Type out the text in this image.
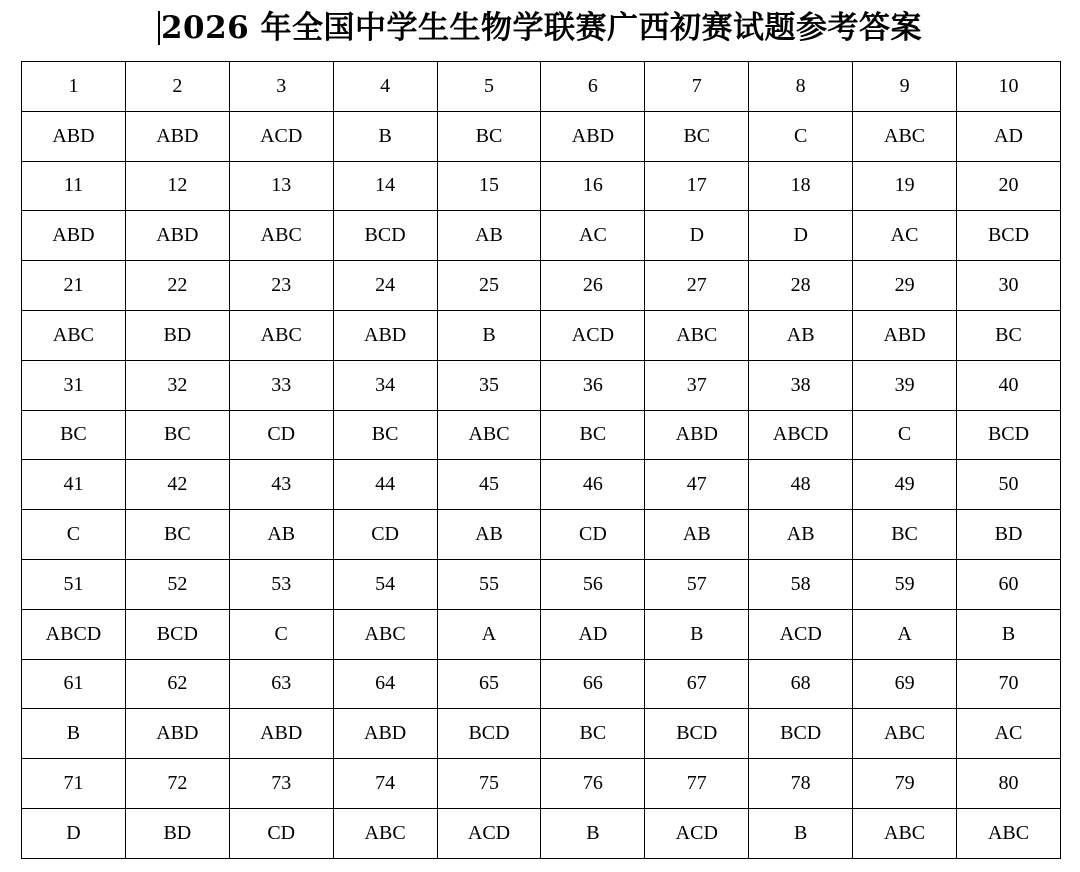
2026 年全国中学生生物学联赛广西初赛试题参考答案
1	2	3	4	5	6	7	8	9	10
ABD	ABD	ACD	B	BC	ABD	BC	C	ABC	AD
11	12	13	14	15	16	17	18	19	20
ABD	ABD	ABC	BCD	AB	AC	D	D	AC	BCD
21	22	23	24	25	26	27	28	29	30
ABC	BD	ABC	ABD	B	ACD	ABC	AB	ABD	BC
31	32	33	34	35	36	37	38	39	40
BC	BC	CD	BC	ABC	BC	ABD	ABCD	C	BCD
41	42	43	44	45	46	47	48	49	50
C	BC	AB	CD	AB	CD	AB	AB	BC	BD
51	52	53	54	55	56	57	58	59	60
ABCD	BCD	C	ABC	A	AD	B	ACD	A	B
61	62	63	64	65	66	67	68	69	70
B	ABD	ABD	ABD	BCD	BC	BCD	BCD	ABC	AC
71	72	73	74	75	76	77	78	79	80
D	BD	CD	ABC	ACD	B	ACD	B	ABC	ABC
